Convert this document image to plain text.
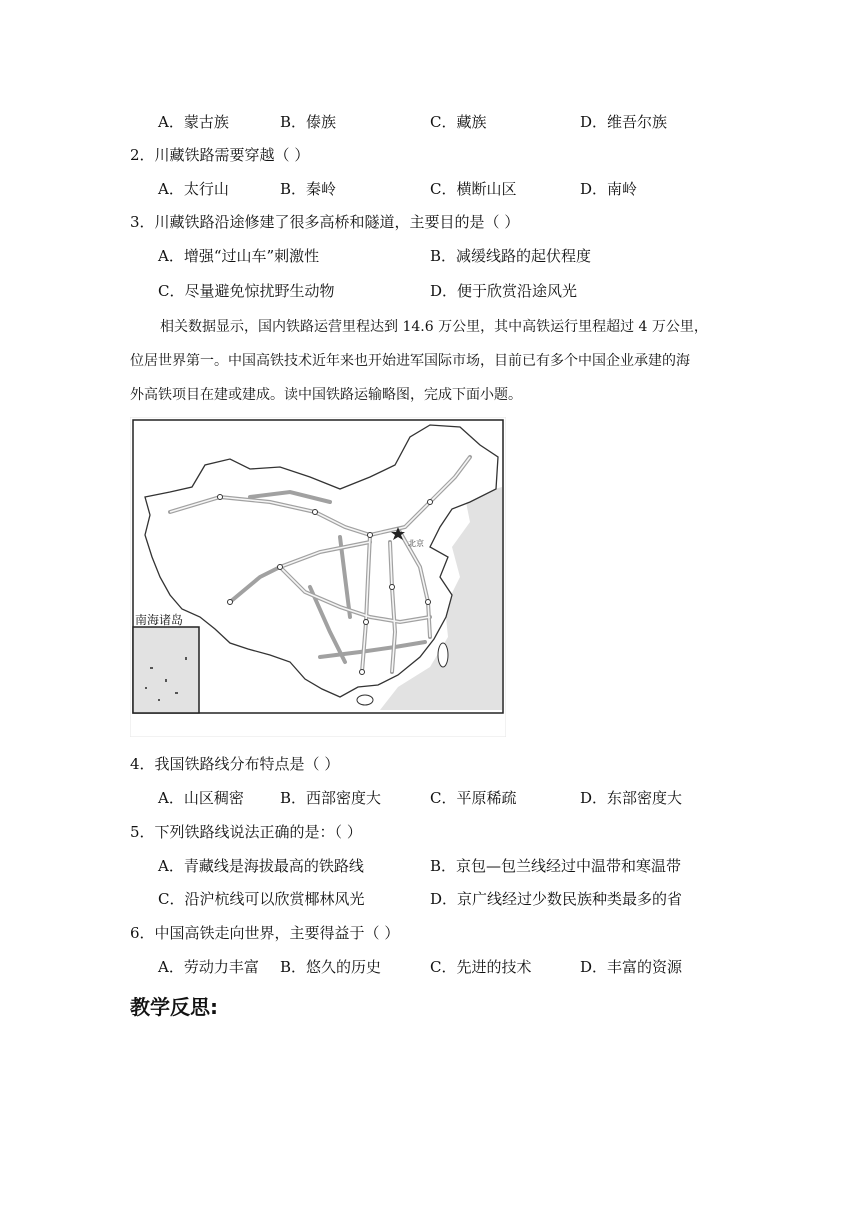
A．蒙古族	B．傣族	C．藏族	D．维吾尔族
2．川藏铁路需要穿越（ ）
A．太行山	B．秦岭	C．横断山区	D．南岭
3．川藏铁路沿途修建了很多高桥和隧道，主要目的是（ ）
A．增强“过山车”刺激性	B．减缓线路的起伏程度
C．尽量避免惊扰野生动物	D．便于欣赏沿途风光
相关数据显示，国内铁路运营里程达到 14.6 万公里，其中高铁运行里程超过 4 万公里，
位居世界第一。中国高铁技术近年来也开始进军国际市场，目前已有多个中国企业承建的海
外高铁项目在建或建成。读中国铁路运输略图，完成下面小题。
南海诸岛
北京
4．我国铁路线分布特点是（ ）
A．山区稠密 B．西部密度大	C．平原稀疏	D．东部密度大
5．下列铁路线说法正确的是：（ ）
A．青藏线是海拔最高的铁路线	B．京包—包兰线经过中温带和寒温带
C．沿沪杭线可以欣赏椰林风光	D．京广线经过少数民族种类最多的省
6．中国高铁走向世界，主要得益于（ ）
A．劳动力丰富 B．悠久的历史	C．先进的技术	D．丰富的资源
教学反思:
